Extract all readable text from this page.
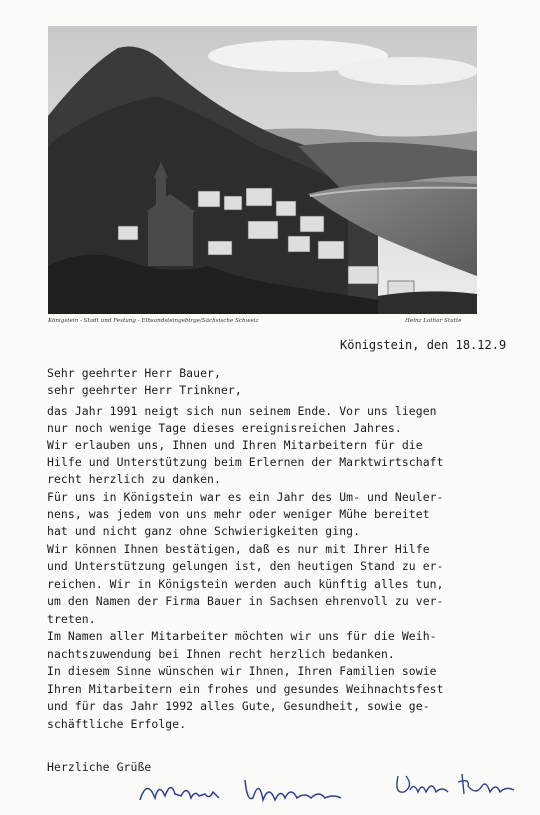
Königstein - Stadt und Festung - Elbsandsteingebirge/Sächsische Schweiz	Heinz Lothar Stutte
Königstein, den 18.12.9
Sehr geehrter Herr Bauer,
sehr geehrter Herr Trinkner,
das Jahr 1991 neigt sich nun seinem Ende. Vor uns liegen
nur noch wenige Tage dieses ereignisreichen Jahres.
Wir erlauben uns, Ihnen und Ihren Mitarbeitern für die
Hilfe und Unterstützung beim Erlernen der Marktwirtschaft
recht herzlich zu danken.
Für uns in Königstein war es ein Jahr des Um- und Neuler-
nens, was jedem von uns mehr oder weniger Mühe bereitet
hat und nicht ganz ohne Schwierigkeiten ging.
Wir können Ihnen bestätigen, daß es nur mit Ihrer Hilfe
und Unterstützung gelungen ist, den heutigen Stand zu er-
reichen. Wir in Königstein werden auch künftig alles tun,
um den Namen der Firma Bauer in Sachsen ehrenvoll zu ver-
treten.
Im Namen aller Mitarbeiter möchten wir uns für die Weih-
nachtszuwendung bei Ihnen recht herzlich bedanken.
In diesem Sinne wünschen wir Ihnen, Ihren Familien sowie
Ihren Mitarbeitern ein frohes und gesundes Weihnachtsfest
und für das Jahr 1992 alles Gute, Gesundheit, sowie ge-
schäftliche Erfolge.
Herzliche Grüße
